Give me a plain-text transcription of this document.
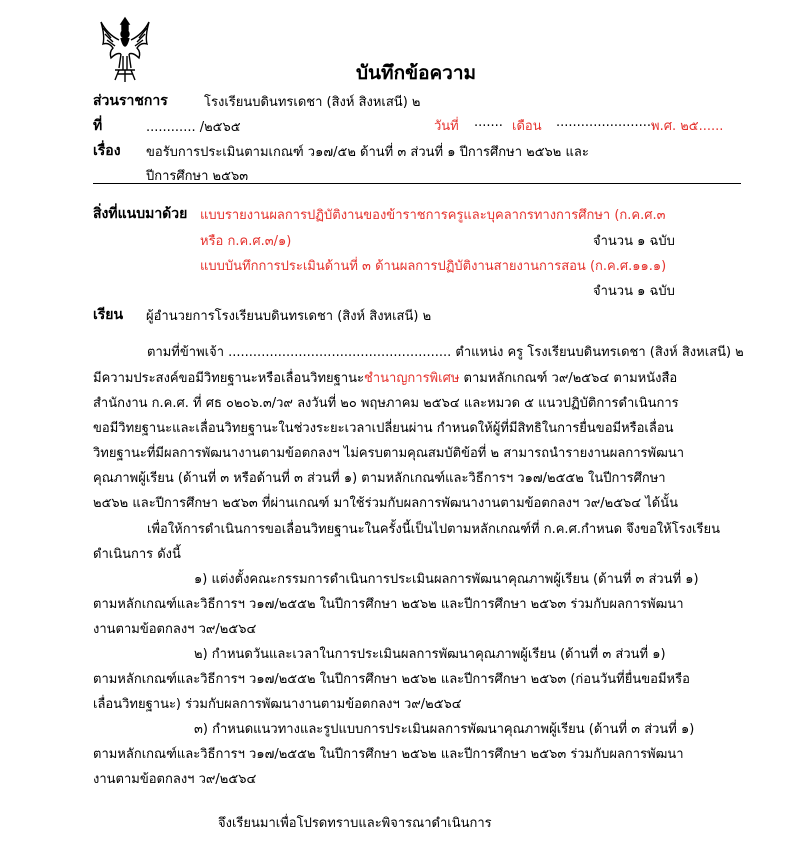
บันทึกข้อความ
ส่วนราชการ	โรงเรียนบดินทรเดชา (สิงห์ สิงหเสนี) ๒
ที่	............ /๒๕๖๕	วันที่ ....... เดือน ........................
พ.ศ. ๒๕......
เรื่อง ขอรับการประเมินตามเกณฑ์ ว๑๗/๕๒ ด้านที่ ๓ ส่วนที่ ๑ ปีการศึกษา ๒๕๖๒ และ
ปีการศึกษา ๒๕๖๓
สิ่งที่แนบมาด้วย แบบรายงานผลการปฏิบัติงานของข้าราชการครูและบุคลากรทางการศึกษา (ก.ค.ศ.๓
หรือ ก.ค.ศ.๓/๑)	จำนวน ๑ ฉบับ
แบบบันทึกการประเมินด้านที่ ๓ ด้านผลการปฏิบัติงานสายงานการสอน (ก.ค.ศ.๑๑.๑)
จำนวน ๑ ฉบับ
เรียน ผู้อำนวยการโรงเรียนบดินทรเดชา (สิงห์ สิงหเสนี) ๒
ตามที่ข้าพเจ้า ...................................................... ตำแหน่ง ครู โรงเรียนบดินทรเดชา (สิงห์ สิงหเสนี) ๒
มีความประสงค์ขอมีวิทยฐานะหรือเลื่อนวิทยฐานะชำนาญการพิเศษ ตามหลักเกณฑ์ ว๙/๒๕๖๔ ตามหนังสือ
สำนักงาน ก.ค.ศ. ที่ ศธ ๐๒๐๖.๓/ว๙ ลงวันที่ ๒๐ พฤษภาคม ๒๕๖๔ และหมวด ๕ แนวปฏิบัติการดำเนินการ
ขอมีวิทยฐานะและเลื่อนวิทยฐานะในช่วงระยะเวลาเปลี่ยนผ่าน กำหนดให้ผู้ที่มีสิทธิในการยื่นขอมีหรือเลื่อน
วิทยฐานะที่มีผลการพัฒนางานตามข้อตกลงฯ ไม่ครบตามคุณสมบัติข้อที่ ๒ สามารถนำรายงานผลการพัฒนา
คุณภาพผู้เรียน (ด้านที่ ๓ หรือด้านที่ ๓ ส่วนที่ ๑) ตามหลักเกณฑ์และวิธีการฯ ว๑๗/๒๕๕๒ ในปีการศึกษา
๒๕๖๒ และปีการศึกษา ๒๕๖๓ ที่ผ่านเกณฑ์ มาใช้ร่วมกับผลการพัฒนางานตามข้อตกลงฯ ว๙/๒๕๖๔ ได้นั้น
เพื่อให้การดำเนินการขอเลื่อนวิทยฐานะในครั้งนี้เป็นไปตามหลักเกณฑ์ที่ ก.ค.ศ.กำหนด จึงขอให้โรงเรียน
ดำเนินการ ดังนี้
๑) แต่งตั้งคณะกรรมการดำเนินการประเมินผลการพัฒนาคุณภาพผู้เรียน (ด้านที่ ๓ ส่วนที่ ๑)
ตามหลักเกณฑ์และวิธีการฯ ว๑๗/๒๕๕๒ ในปีการศึกษา ๒๕๖๒ และปีการศึกษา ๒๕๖๓ ร่วมกับผลการพัฒนา
งานตามข้อตกลงฯ ว๙/๒๕๖๔
๒) กำหนดวันและเวลาในการประเมินผลการพัฒนาคุณภาพผู้เรียน (ด้านที่ ๓ ส่วนที่ ๑)
ตามหลักเกณฑ์และวิธีการฯ ว๑๗/๒๕๕๒ ในปีการศึกษา ๒๕๖๒ และปีการศึกษา ๒๕๖๓ (ก่อนวันที่ยื่นขอมีหรือ
เลื่อนวิทยฐานะ) ร่วมกับผลการพัฒนางานตามข้อตกลงฯ ว๙/๒๕๖๔
๓) กำหนดแนวทางและรูปแบบการประเมินผลการพัฒนาคุณภาพผู้เรียน (ด้านที่ ๓ ส่วนที่ ๑)
ตามหลักเกณฑ์และวิธีการฯ ว๑๗/๒๕๕๒ ในปีการศึกษา ๒๕๖๒ และปีการศึกษา ๒๕๖๓ ร่วมกับผลการพัฒนา
งานตามข้อตกลงฯ ว๙/๒๕๖๔
จึงเรียนมาเพื่อโปรดทราบและพิจารณาดำเนินการ
